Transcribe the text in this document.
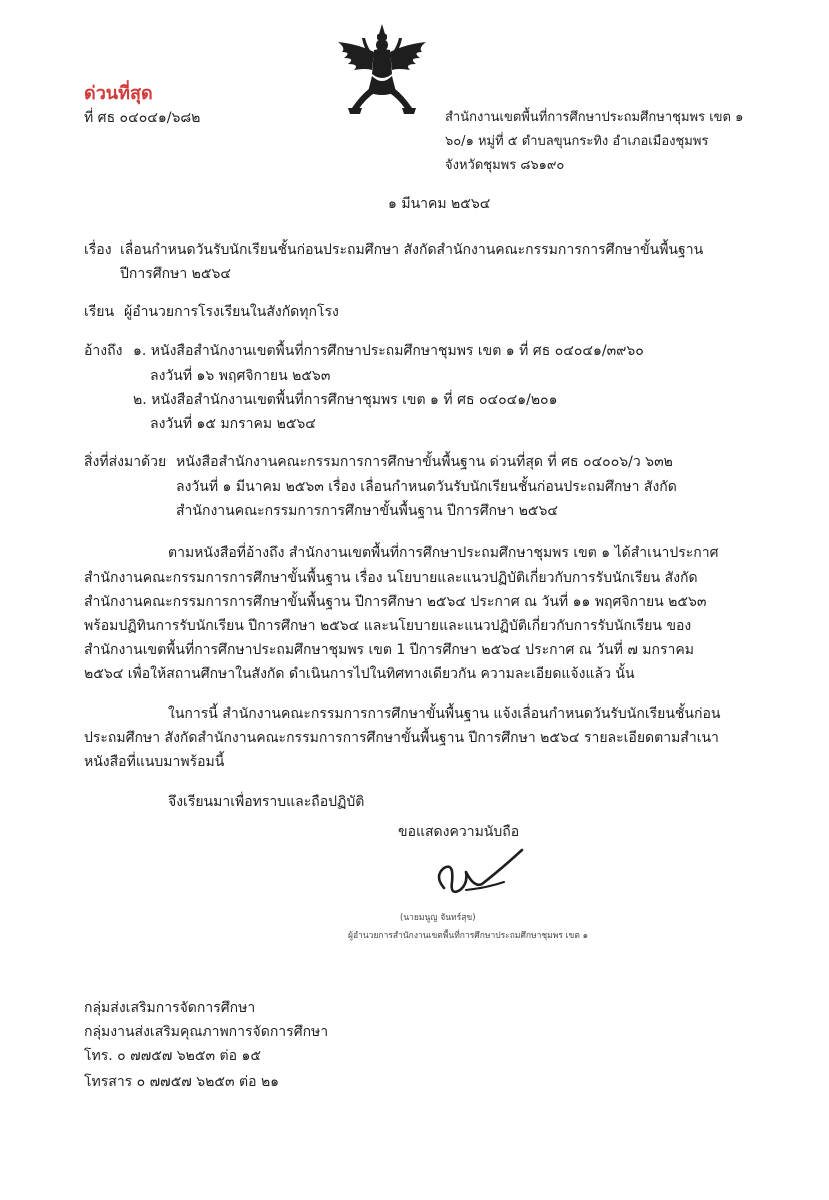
ด่วนที่สุด
ที่ ศธ ๐๔๐๔๑/๖๘๒	สำนักงานเขตพื้นที่การศึกษาประถมศึกษาชุมพร เขต ๑
๖๐/๑ หมู่ที่ ๕ ตำบลขุนกระทิง อำเภอเมืองชุมพร
จังหวัดชุมพร ๘๖๑๙๐
๑ มีนาคม ๒๕๖๔
เรื่อง เลื่อนกำหนดวันรับนักเรียนชั้นก่อนประถมศึกษา สังกัดสำนักงานคณะกรรมการการศึกษาขั้นพื้นฐาน
ปีการศึกษา ๒๕๖๔
เรียน ผู้อำนวยการโรงเรียนในสังกัดทุกโรง
อ้างถึง ๑. หนังสือสำนักงานเขตพื้นที่การศึกษาประถมศึกษาชุมพร เขต ๑ ที่ ศธ ๐๔๐๔๑/๓๙๖๐
ลงวันที่ ๑๖ พฤศจิกายน ๒๕๖๓
๒. หนังสือสำนักงานเขตพื้นที่การศึกษาชุมพร เขต ๑ ที่ ศธ ๐๔๐๔๑/๒๐๑
ลงวันที่ ๑๕ มกราคม ๒๕๖๔
สิ่งที่ส่งมาด้วย หนังสือสำนักงานคณะกรรมการการศึกษาขั้นพื้นฐาน ด่วนที่สุด ที่ ศธ ๐๔๐๐๖/ว ๖๓๒
ลงวันที่ ๑ มีนาคม ๒๕๖๓ เรื่อง เลื่อนกำหนดวันรับนักเรียนชั้นก่อนประถมศึกษา สังกัด
สำนักงานคณะกรรมการการศึกษาขั้นพื้นฐาน ปีการศึกษา ๒๕๖๔
ตามหนังสือที่อ้างถึง สำนักงานเขตพื้นที่การศึกษาประถมศึกษาชุมพร เขต ๑ ได้สำเนาประกาศ
สำนักงานคณะกรรมการการศึกษาขั้นพื้นฐาน เรื่อง นโยบายและแนวปฏิบัติเกี่ยวกับการรับนักเรียน สังกัด
สำนักงานคณะกรรมการการศึกษาขั้นพื้นฐาน ปีการศึกษา ๒๕๖๔ ประกาศ ณ วันที่ ๑๑ พฤศจิกายน ๒๕๖๓
พร้อมปฏิทินการรับนักเรียน ปีการศึกษา ๒๕๖๔ และนโยบายและแนวปฏิบัติเกี่ยวกับการรับนักเรียน ของ
สำนักงานเขตพื้นที่การศึกษาประถมศึกษาชุมพร เขต 1 ปีการศึกษา ๒๕๖๔ ประกาศ ณ วันที่ ๗ มกราคม
๒๕๖๔ เพื่อให้สถานศึกษาในสังกัด ดำเนินการไปในทิศทางเดียวกัน ความละเอียดแจ้งแล้ว นั้น
ในการนี้ สำนักงานคณะกรรมการการศึกษาขั้นพื้นฐาน แจ้งเลื่อนกำหนดวันรับนักเรียนชั้นก่อน
ประถมศึกษา สังกัดสำนักงานคณะกรรมการการศึกษาขั้นพื้นฐาน ปีการศึกษา ๒๕๖๔ รายละเอียดตามสำเนา
หนังสือที่แนบมาพร้อมนี้
จึงเรียนมาเพื่อทราบและถือปฏิบัติ
ขอแสดงความนับถือ
(นายมนูญ จันทร์สุข)
ผู้อำนวยการสำนักงานเขตพื้นที่การศึกษาประถมศึกษาชุมพร เขต ๑
กลุ่มส่งเสริมการจัดการศึกษา
กลุ่มงานส่งเสริมคุณภาพการจัดการศึกษา
โทร. ๐ ๗๗๕๗ ๖๒๕๓ ต่อ ๑๕
โทรสาร ๐ ๗๗๕๗ ๖๒๕๓ ต่อ ๒๑
